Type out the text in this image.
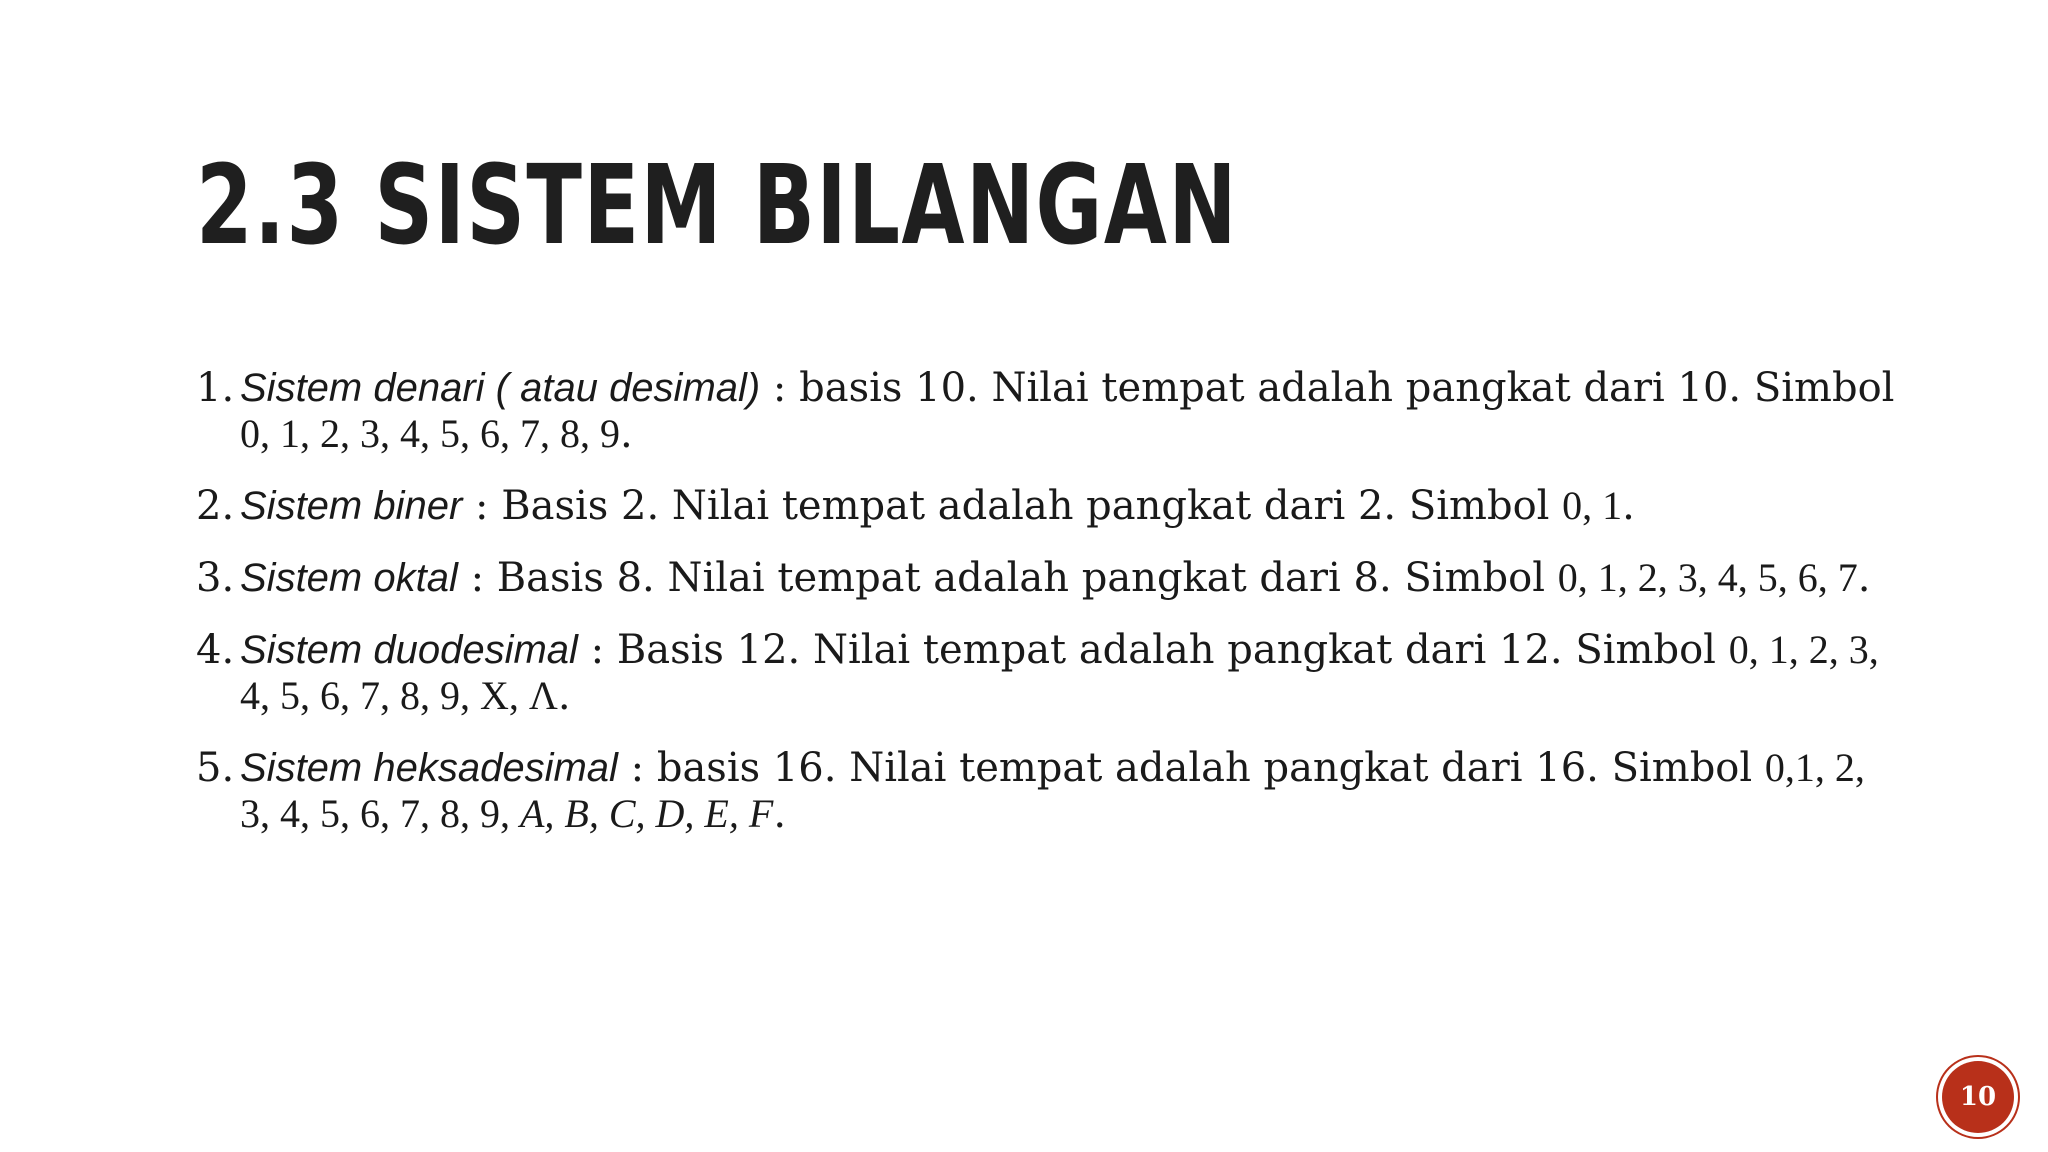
2.3 SISTEM BILANGAN
1. Sistem denari ( atau desimal) : basis 10. Nilai tempat adalah pangkat dari 10. Simbol 0, 1, 2, 3, 4, 5, 6, 7, 8, 9.
2. Sistem biner : Basis 2. Nilai tempat adalah pangkat dari 2. Simbol 0, 1.
3. Sistem oktal : Basis 8. Nilai tempat adalah pangkat dari 8. Simbol 0, 1, 2, 3, 4, 5, 6, 7.
4. Sistem duodesimal : Basis 12. Nilai tempat adalah pangkat dari 12. Simbol 0, 1, 2, 3, 4, 5, 6, 7, 8, 9, X, Λ.
5. Sistem heksadesimal : basis 16. Nilai tempat adalah pangkat dari 16. Simbol 0,1, 2, 3, 4, 5, 6, 7, 8, 9, A, B, C, D, E, F.
10
